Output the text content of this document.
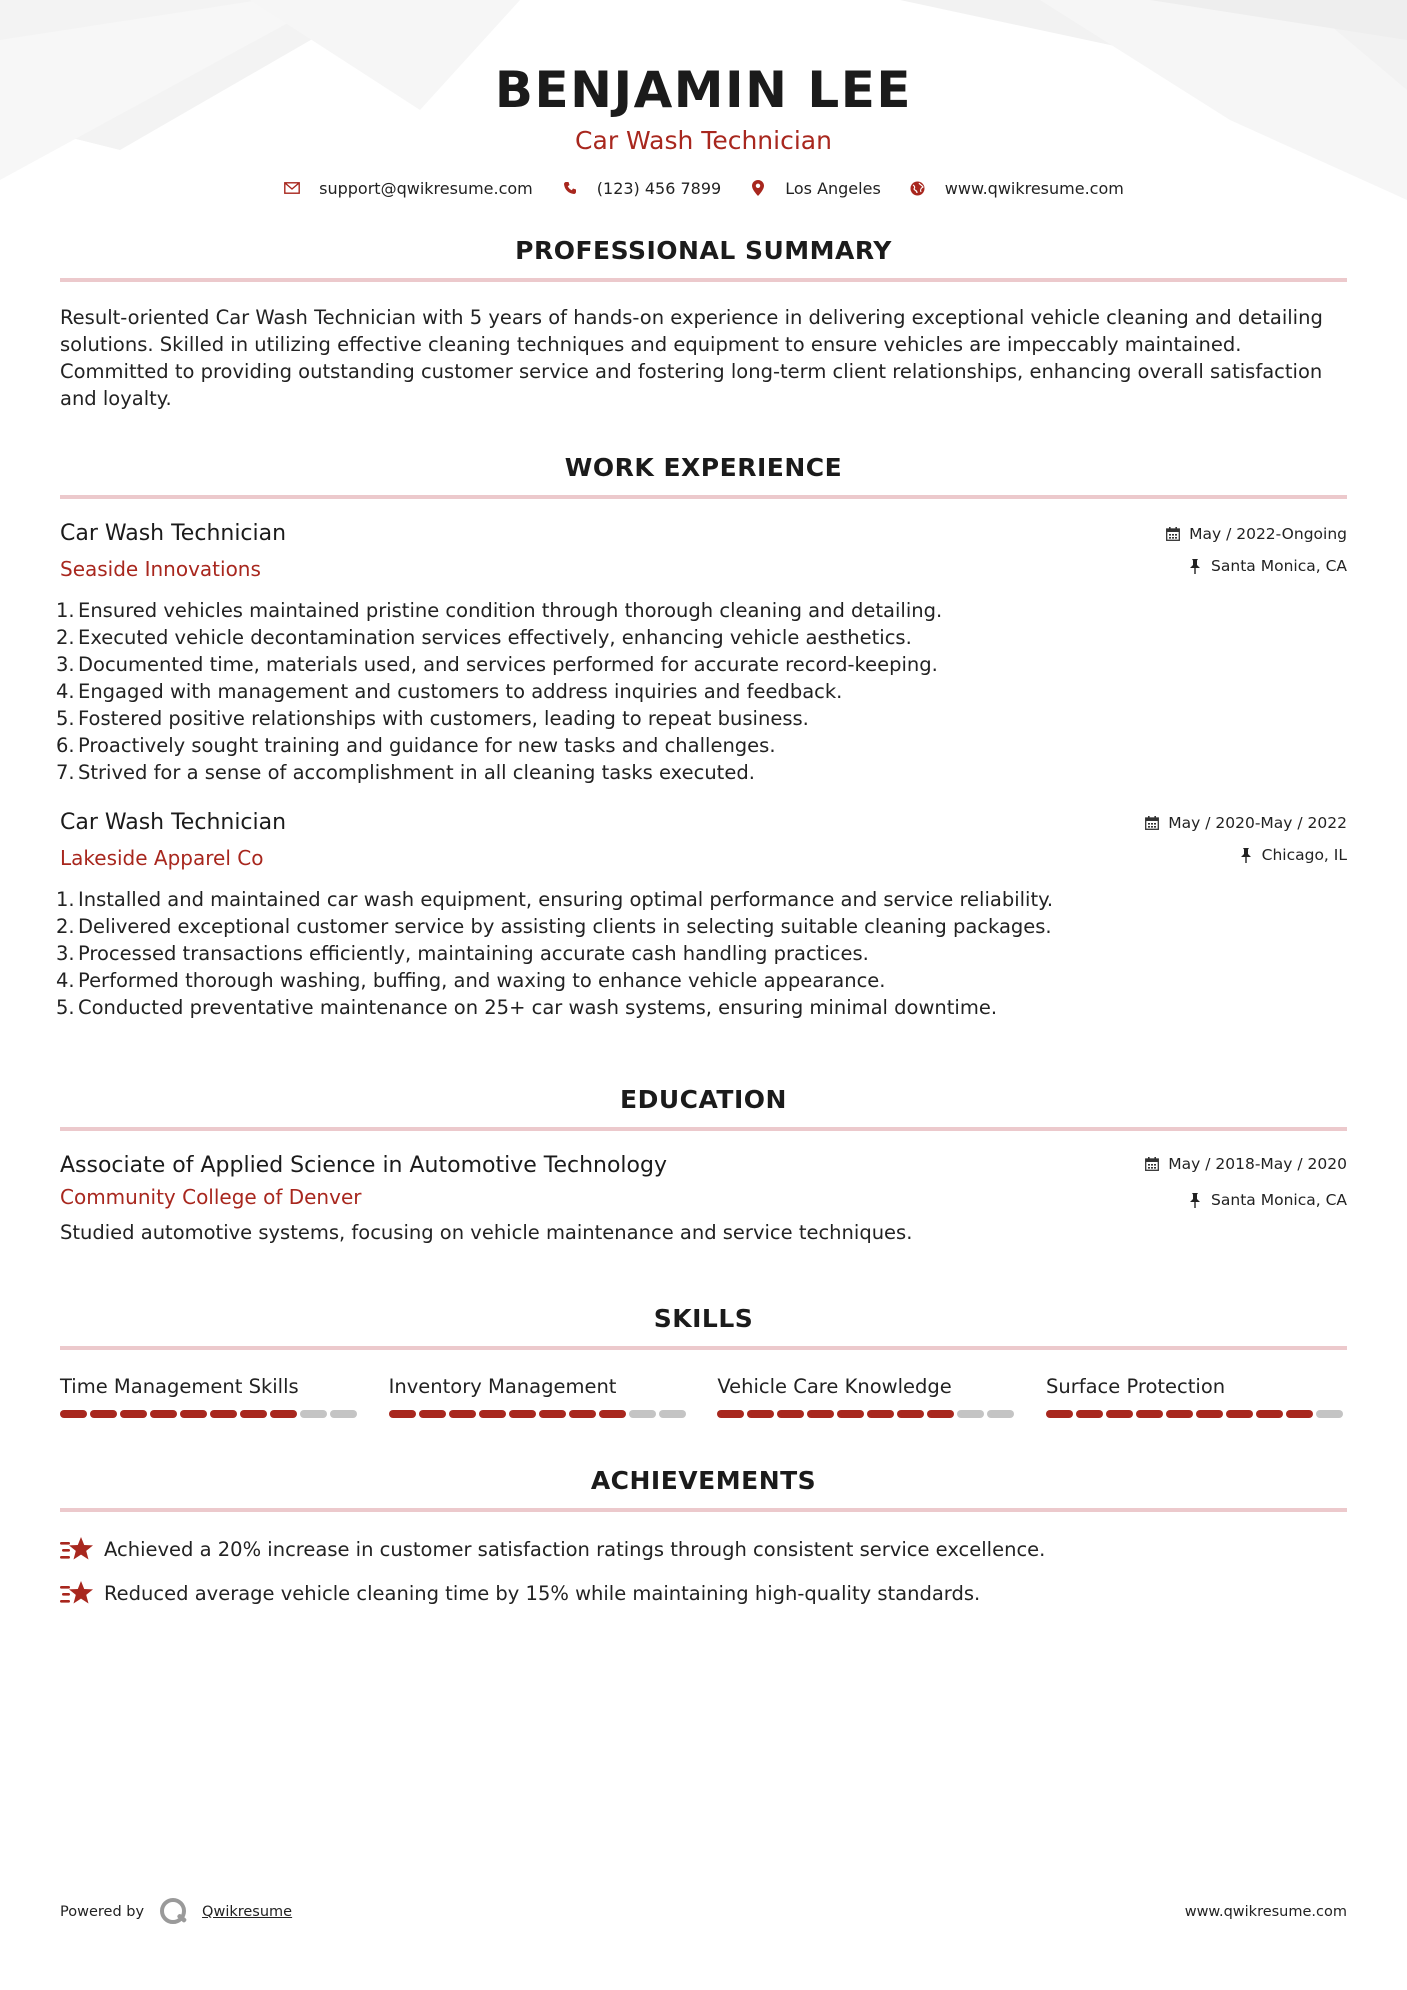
BENJAMIN LEE
Car Wash Technician
support@qwikresume.com	(123) 456 7899	Los Angeles	www.qwikresume.com
PROFESSIONAL SUMMARY

Result-oriented Car Wash Technician with 5 years of hands-on experience in delivering exceptional vehicle cleaning and detailing solutions. Skilled in utilizing effective cleaning techniques and equipment to ensure vehicles are impeccably maintained. Committed to providing outstanding customer service and fostering long-term client relationships, enhancing overall satisfaction and loyalty.

WORK EXPERIENCE
Car Wash Technician
Seaside Innovations
May / 2022-Ongoing
Santa Monica, CA
1. Ensured vehicles maintained pristine condition through thorough cleaning and detailing.
2. Executed vehicle decontamination services effectively, enhancing vehicle aesthetics.
3. Documented time, materials used, and services performed for accurate record-keeping.
4. Engaged with management and customers to address inquiries and feedback.
5. Fostered positive relationships with customers, leading to repeat business.
6. Proactively sought training and guidance for new tasks and challenges.
7. Strived for a sense of accomplishment in all cleaning tasks executed.
Car Wash Technician
Lakeside Apparel Co
May / 2020-May / 2022
Chicago, IL
1. Installed and maintained car wash equipment, ensuring optimal performance and service reliability.
2. Delivered exceptional customer service by assisting clients in selecting suitable cleaning packages.
3. Processed transactions efficiently, maintaining accurate cash handling practices.
4. Performed thorough washing, buffing, and waxing to enhance vehicle appearance.
5. Conducted preventative maintenance on 25+ car wash systems, ensuring minimal downtime.
EDUCATION
Associate of Applied Science in Automotive Technology
Community College of Denver
May / 2018-May / 2020
Santa Monica, CA

Studied automotive systems, focusing on vehicle maintenance and service techniques.

SKILLS
Time Management Skills	Inventory Management	Vehicle Care Knowledge	Surface Protection
ACHIEVEMENTS
Achieved a 20% increase in customer satisfaction ratings through consistent service excellence.
Reduced average vehicle cleaning time by 15% while maintaining high-quality standards.
Powered by	Qwikresume	www.qwikresume.com
